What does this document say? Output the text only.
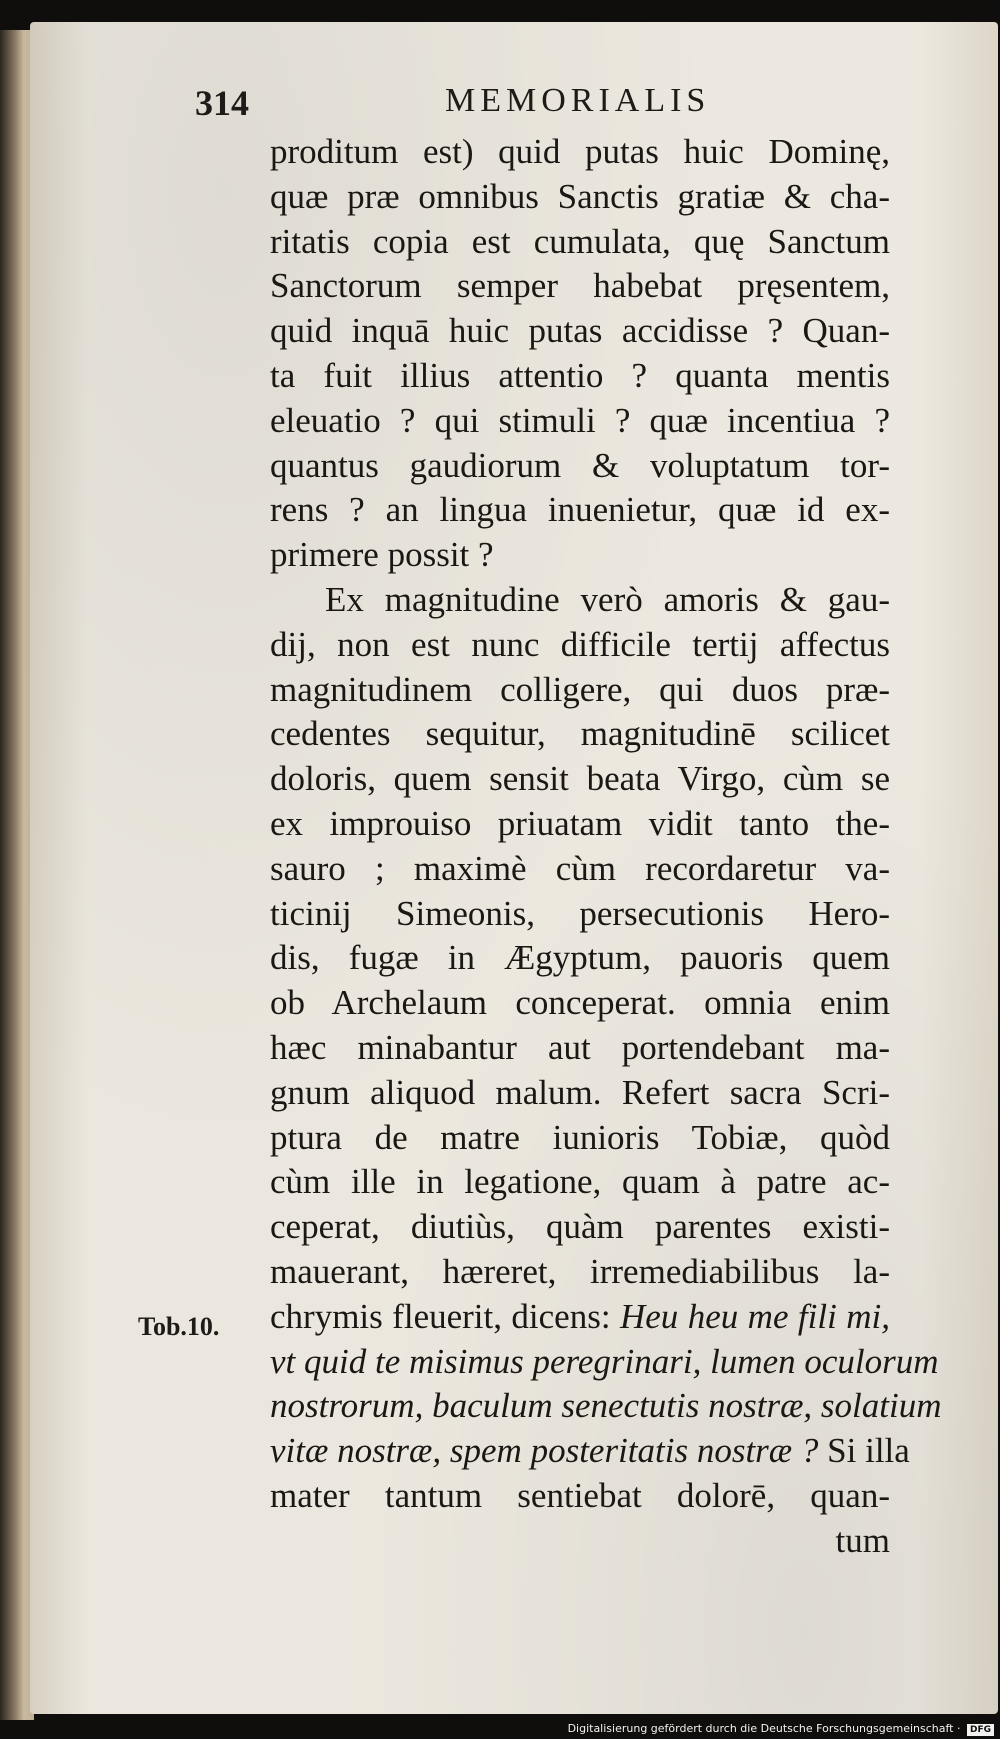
314	MEMORIALIS
proditum est) quid putas huic Dominę,
quæ præ omnibus Sanctis gratiæ & cha-
ritatis copia est cumulata, quę Sanctum
Sanctorum semper habebat pręsentem,
quid inquā huic putas accidisse ? Quan-
ta fuit illius attentio ? quanta mentis
eleuatio ? qui stimuli ? quæ incentiua ?
quantus gaudiorum & voluptatum tor-
rens ? an lingua inuenietur, quæ id ex-
primere possit ?
Ex magnitudine verò amoris & gau-
dij, non est nunc difficile tertij affectus
magnitudinem colligere, qui duos præ-
cedentes sequitur, magnitudinē scilicet
doloris, quem sensit beata Virgo, cùm se
ex improuiso priuatam vidit tanto the-
sauro ; maximè cùm recordaretur va-
ticinij Simeonis, persecutionis Hero-
dis, fugæ in Ægyptum, pauoris quem
ob Archelaum conceperat. omnia enim
hæc minabantur aut portendebant ma-
gnum aliquod malum. Refert sacra Scri-
ptura de matre iunioris Tobiæ, quòd
cùm ille in legatione, quam à patre ac-
ceperat, diutiùs, quàm parentes existi-
mauerant, hæreret, irremediabilibus la-
chrymis fleuerit, dicens: Heu heu me fili mi,
vt quid te misimus peregrinari, lumen oculorum
nostrorum, baculum senectutis nostræ, solatium
vitæ nostræ, spem posteritatis nostræ ? Si illa
mater tantum sentiebat dolorē, quan-
tum
Tob.10.
Digitalisierung gefördert durch die Deutsche Forschungsgemeinschaft · DFG
